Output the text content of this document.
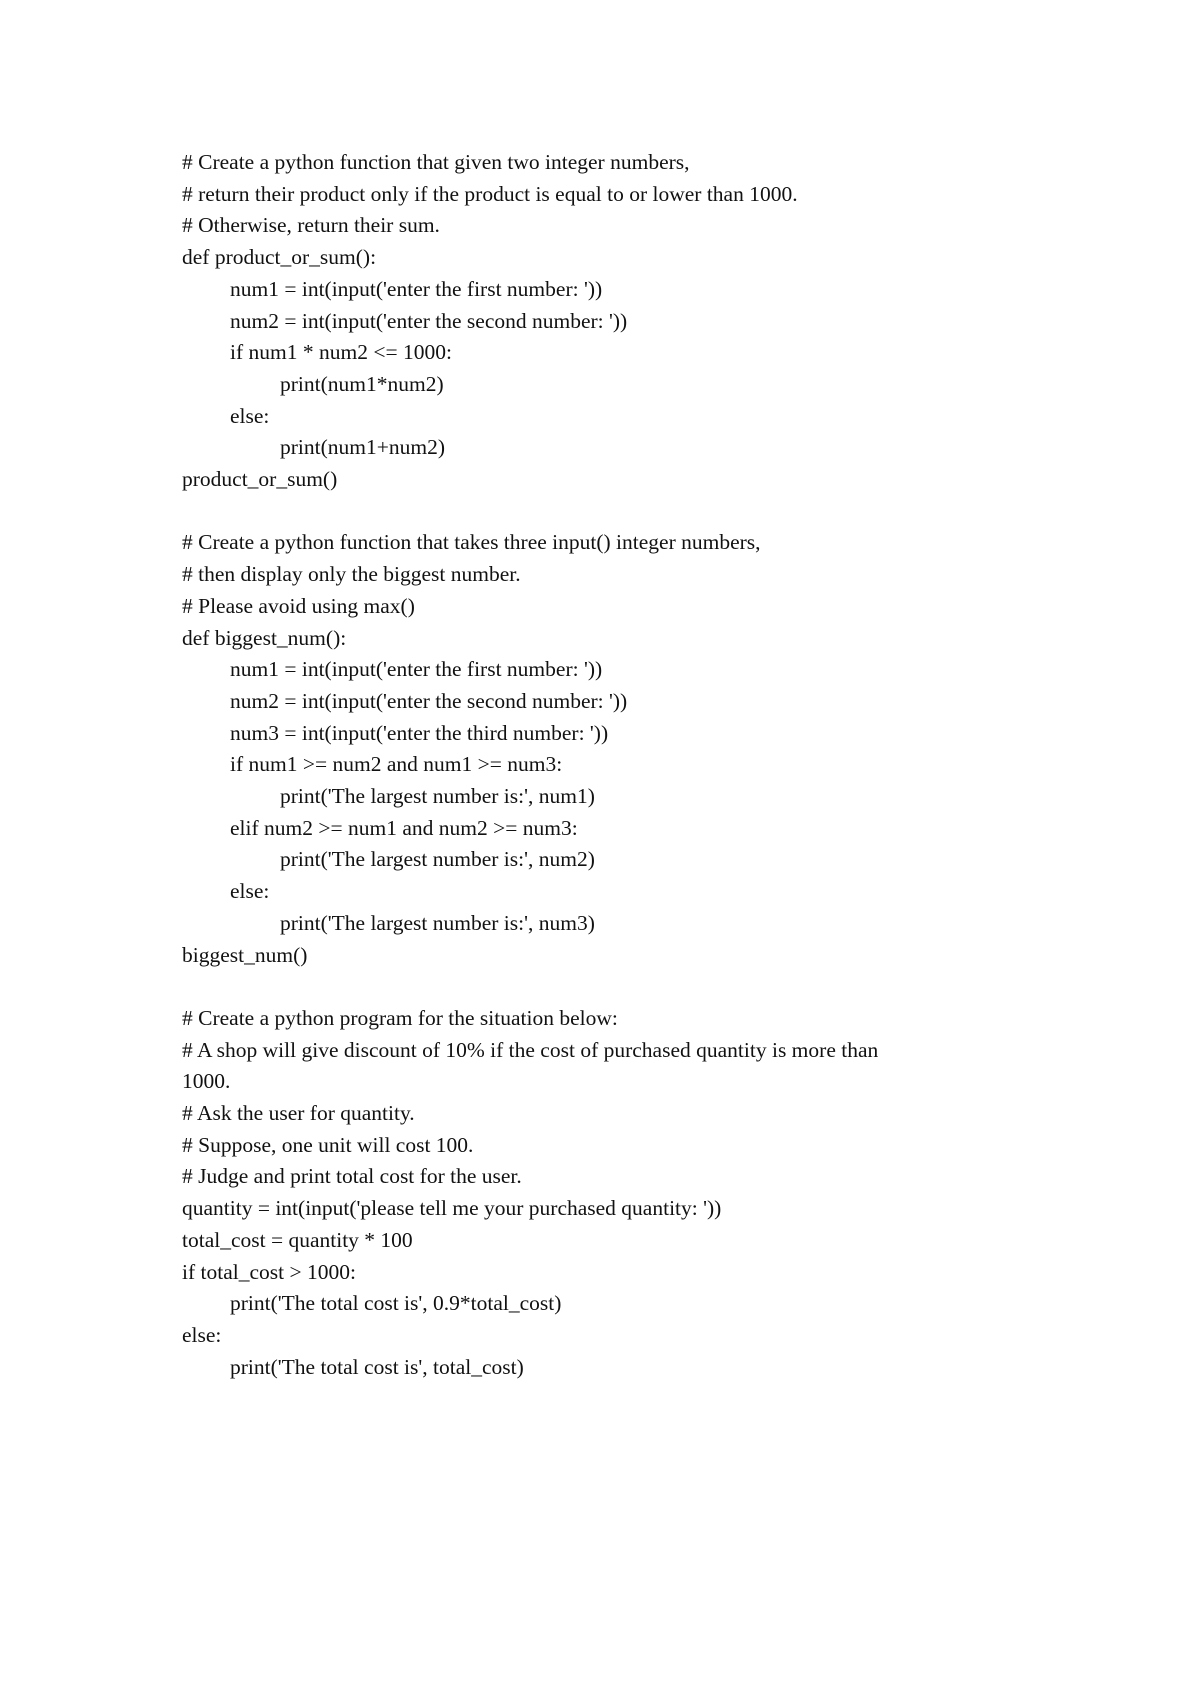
# Create a python function that given two integer numbers,
# return their product only if the product is equal to or lower than 1000.
# Otherwise, return their sum.
def product_or_sum():
num1 = int(input('enter the first number: '))
num2 = int(input('enter the second number: '))
if num1 * num2 <= 1000:
print(num1*num2)
else:
print(num1+num2)
product_or_sum()
# Create a python function that takes three input() integer numbers,
# then display only the biggest number.
# Please avoid using max()
def biggest_num():
num1 = int(input('enter the first number: '))
num2 = int(input('enter the second number: '))
num3 = int(input('enter the third number: '))
if num1 >= num2 and num1 >= num3:
print('The largest number is:', num1)
elif num2 >= num1 and num2 >= num3:
print('The largest number is:', num2)
else:
print('The largest number is:', num3)
biggest_num()
# Create a python program for the situation below:
# A shop will give discount of 10% if the cost of purchased quantity is more than
1000.
# Ask the user for quantity.
# Suppose, one unit will cost 100.
# Judge and print total cost for the user.
quantity = int(input('please tell me your purchased quantity: '))
total_cost = quantity * 100
if total_cost > 1000:
print('The total cost is', 0.9*total_cost)
else:
print('The total cost is', total_cost)
